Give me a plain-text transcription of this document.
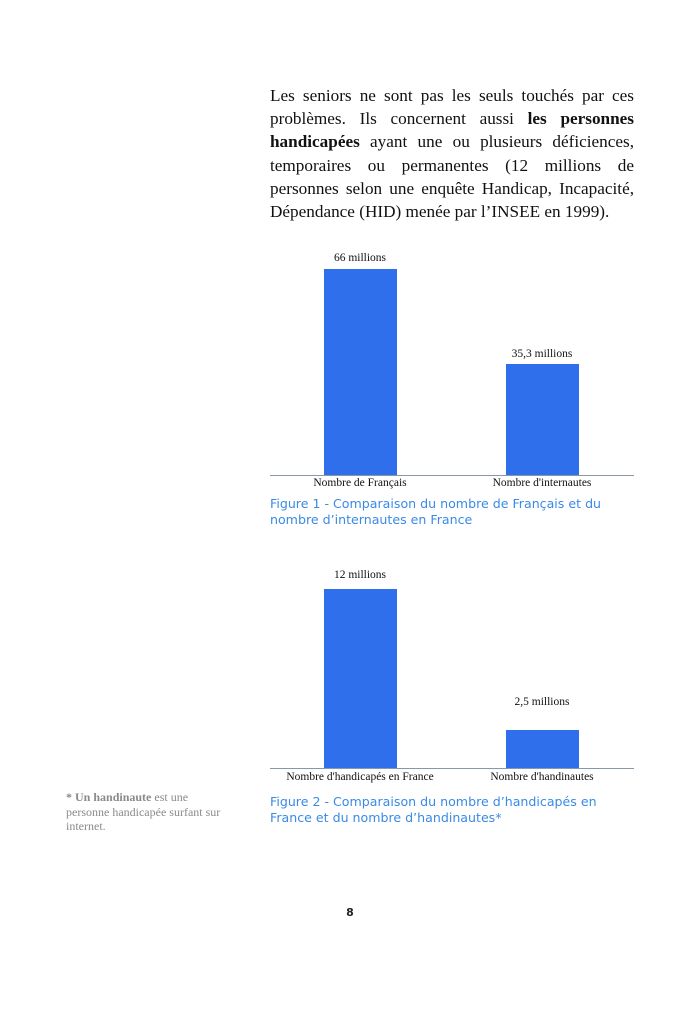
Les seniors ne sont pas les seuls touchés par ces problèmes. Ils concernent aussi les personnes handicapées ayant une ou plusieurs déficiences, temporaires ou permanentes (12 millions de personnes selon une enquête Handicap, Incapacité, Dépendance (HID) menée par l’INSEE en 1999).
66 millions
35,3 millions
Nombre de Français	Nombre d'internautes
Figure 1 - Comparaison du nombre de Français et du nombre d’internautes en France
12 millions
2,5 millions
Nombre d'handicapés en France	Nombre d'handinautes
Figure 2 - Comparaison du nombre d’handicapés en France et du nombre d’handinautes*
* Un handinaute est une personne handicapée surfant sur internet.
8
